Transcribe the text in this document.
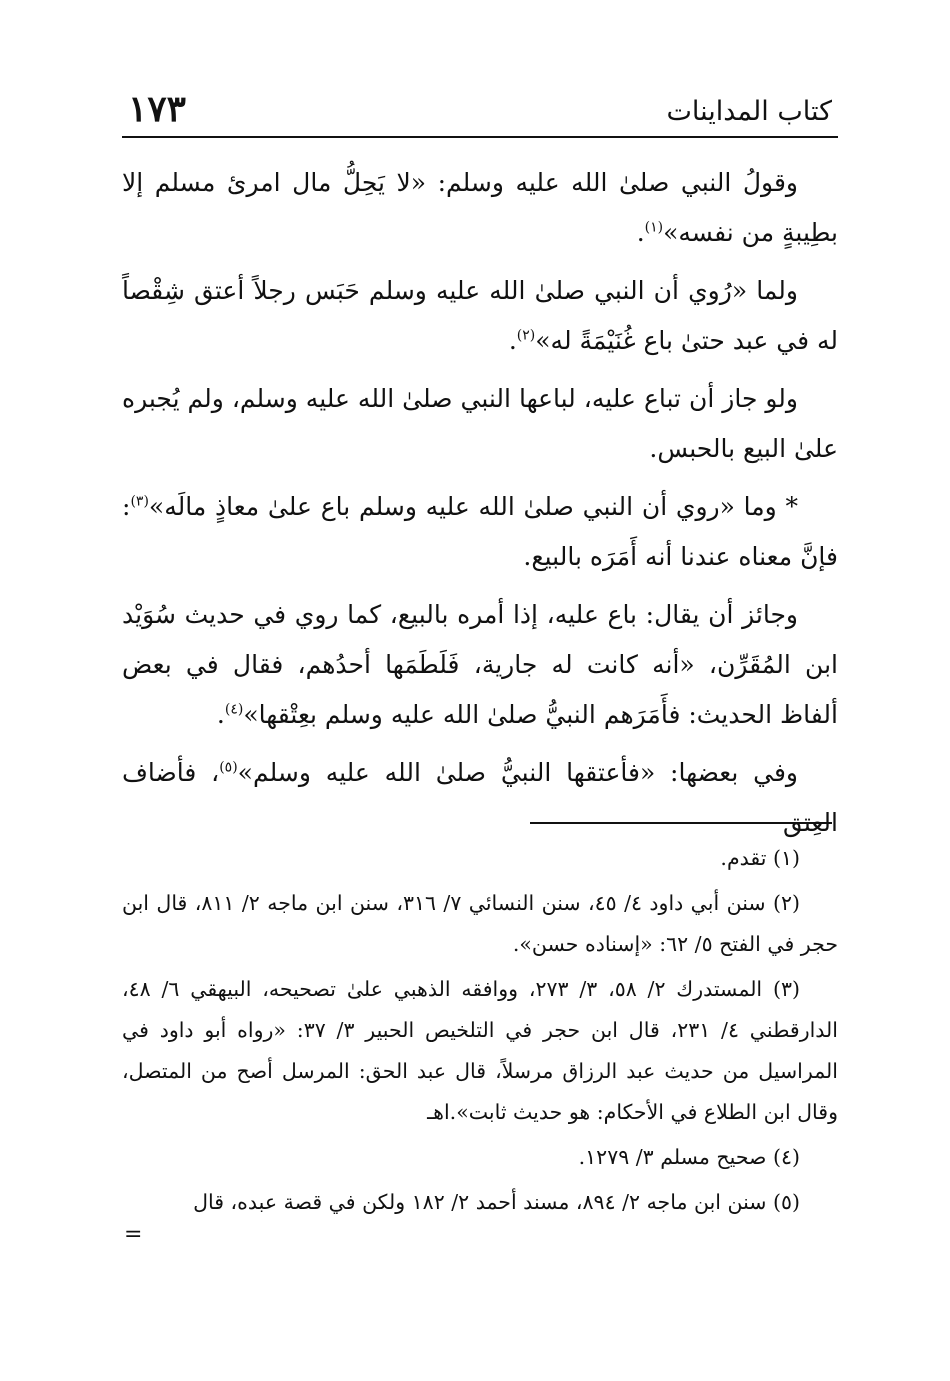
كتاب المداينات
١٧٣

وقولُ النبي صلىٰ الله عليه وسلم: «لا يَحِلُّ مال امرئ مسلم إلا بطِيبةٍ من نفسه»$^{(١)}$.

ولما «رُوي أن النبي صلىٰ الله عليه وسلم حَبَس رجلاً أعتق شِقْصاً له في عبد حتىٰ باع غُنَيْمَةً له»$^{(٢)}$.

ولو جاز أن تباع عليه، لباعها النبي صلىٰ الله عليه وسلم، ولم يُجبره علىٰ البيع بالحبس.

* وما «روي أن النبي صلىٰ الله عليه وسلم باع علىٰ معاذٍ مالَه»$^{(٣)}$: فإنَّ معناه عندنا أنه أَمَرَه بالبيع.

وجائز أن يقال: باع عليه، إذا أمره بالبيع، كما روي في حديث سُوَيْد ابن المُقَرِّن، «أنه كانت له جارية، فَلَطَمَها أحدُهم، فقال في بعض ألفاظ الحديث: فأَمَرَهم النبيُّ صلىٰ الله عليه وسلم بعِتْقها»$^{(٤)}$.

وفي بعضها: «فأعتقها النبيُّ صلىٰ الله عليه وسلم»$^{(٥)}$، فأضاف العِتق

(١) تقدم.

(٢) سنن أبي داود ٤/ ٤٥، سنن النسائي ٧/ ٣١٦، سنن ابن ماجه ٢/ ٨١١، قال ابن حجر في الفتح ٥/ ٦٢: «إسناده حسن».

(٣) المستدرك ٢/ ٥٨، ٣/ ٢٧٣، ووافقه الذهبي علىٰ تصحيحه، البيهقي ٦/ ٤٨، الدارقطني ٤/ ٢٣١، قال ابن حجر في التلخيص الحبير ٣/ ٣٧: «رواه أبو داود في المراسيل من حديث عبد الرزاق مرسلاً، قال عبد الحق: المرسل أصح من المتصل، وقال ابن الطلاع في الأحكام: هو حديث ثابت».اهـ

(٤) صحيح مسلم ٣/ ١٢٧٩.

(٥) سنن ابن ماجه ٢/ ٨٩٤، مسند أحمد ٢/ ١٨٢ ولكن في قصة عبده، قال

=
